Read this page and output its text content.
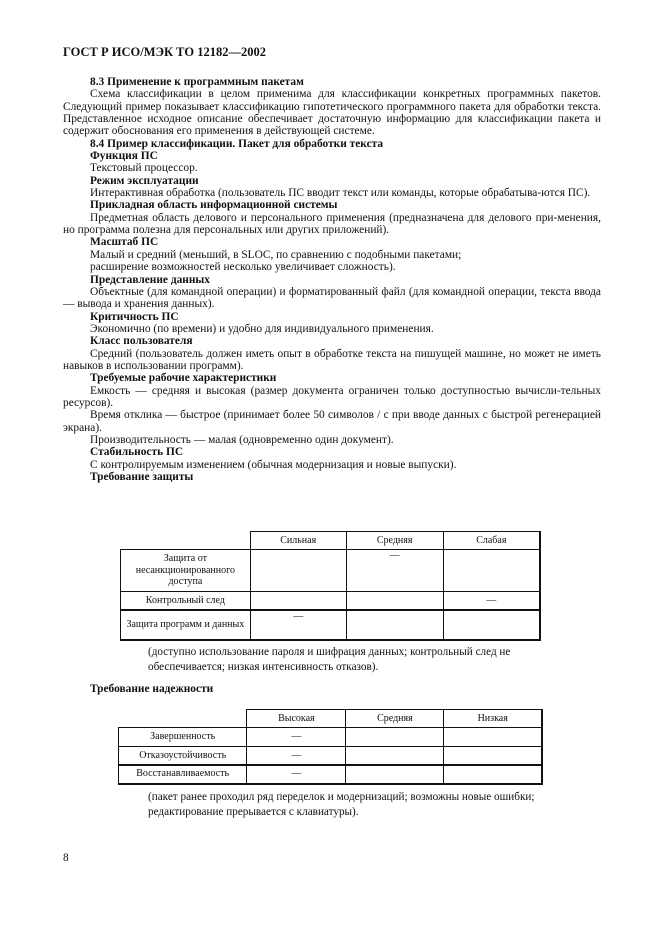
ГОСТ Р ИСО/МЭК ТО 12182—2002
8.3 Применение к программным пакетам

Схема классификации в целом применима для классификации конкретных программных пакетов. Следующий пример показывает классификацию гипотетического программного пакета для обработки текста. Представленное исходное описание обеспечивает достаточную информацию для классификации пакета и содержит обоснования его применения в действующей системе.

8.4 Пример классификации. Пакет для обработки текста
Функция ПС

Текстовый процессор.

Режим эксплуатации

Интерактивная обработка (пользователь ПС вводит текст или команды, которые обрабатыва-ются ПС).

Прикладная область информационной системы

Предметная область делового и персонального применения (предназначена для делового при-менения, но программа полезна для персональных или других приложений).

Масштаб ПС

Малый и средний (меньший, в SLOC, по сравнению с подобными пакетами;

расширение возможностей несколько увеличивает сложность).

Представление данных

Объектные (для командной операции) и форматированный файл (для командной операции, текста ввода — вывода и хранения данных).

Критичность ПС

Экономично (по времени) и удобно для индивидуального применения.

Класс пользователя

Средний (пользователь должен иметь опыт в обработке текста на пишущей машине, но может не иметь навыков в использовании программ).

Требуемые рабочие характеристики

Емкость — средняя и высокая (размер документа ограничен только доступностью вычисли-тельных ресурсов).

Время отклика — быстрое (принимает более 50 символов / с при вводе данных с быстрой регенерацией экрана).

Производительность — малая (одновременно один документ).

Стабильность ПС

С контролируемым изменением (обычная модернизация и новые выпуски).

Требование защиты
	Сильная	Средняя	Слабая
Защита от несанкционированного доступа		—	
Контрольный след			—
Защита программ и данных	—		
(доступно использование пароля и шифрация данных; контрольный след не обеспечивается; низкая интенсивность отказов).
Требование надежности
	Высокая	Средняя	Низкая
Завершенность	—		
Отказоустойчивость	—		
Восстанавливаемость	—		
(пакет ранее проходил ряд переделок и модернизаций; возможны новые ошибки; редактирование прерывается с клавиатуры).
8
